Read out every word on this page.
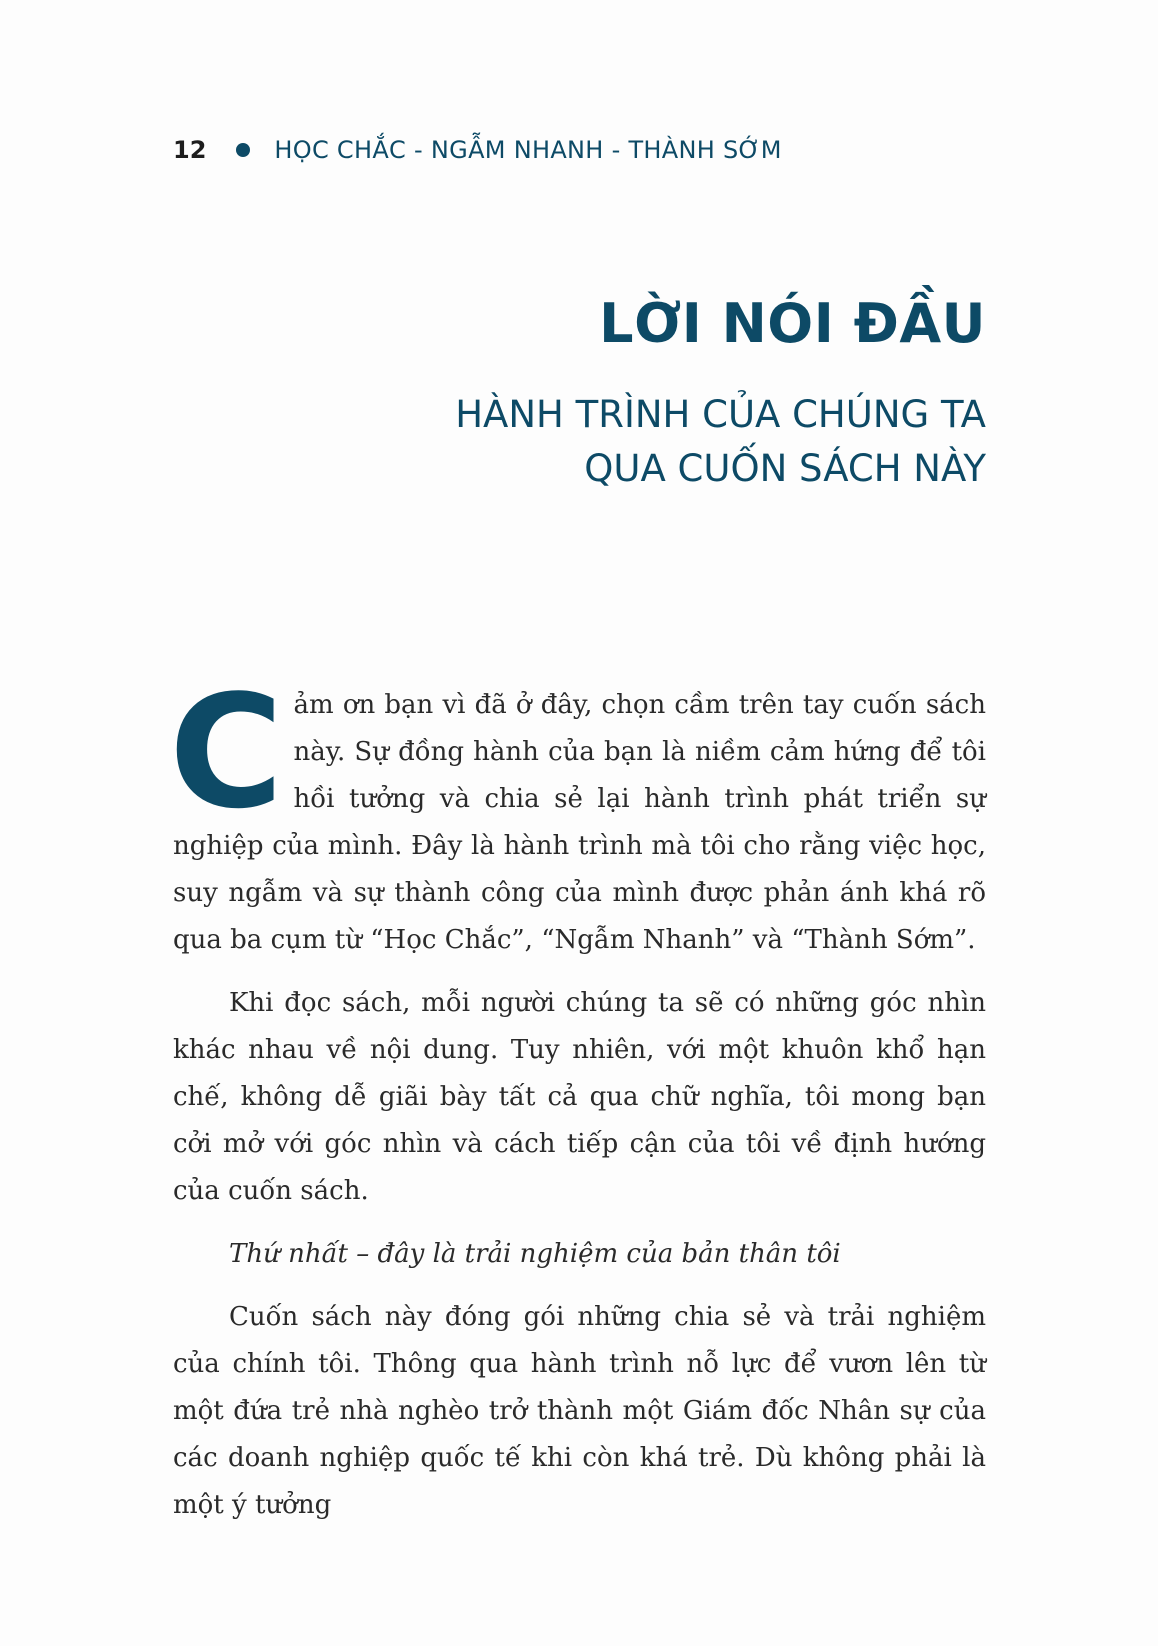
12	HỌC CHẮC - NGẪM NHANH - THÀNH SỚM
LỜI NÓI ĐẦU
HÀNH TRÌNH CỦA CHÚNG TA
QUA CUỐN SÁCH NÀY

Cảm ơn bạn vì đã ở đây, chọn cầm trên tay cuốn sách này. Sự đồng hành của bạn là niềm cảm hứng để tôi hồi tưởng và chia sẻ lại hành trình phát triển sự nghiệp của mình. Đây là hành trình mà tôi cho rằng việc học, suy ngẫm và sự thành công của mình được phản ánh khá rõ qua ba cụm từ “Học Chắc”, “Ngẫm Nhanh” và “Thành Sớm”.

Khi đọc sách, mỗi người chúng ta sẽ có những góc nhìn khác nhau về nội dung. Tuy nhiên, với một khuôn khổ hạn chế, không dễ giãi bày tất cả qua chữ nghĩa, tôi mong bạn cởi mở với góc nhìn và cách tiếp cận của tôi về định hướng của cuốn sách.

Thứ nhất – đây là trải nghiệm của bản thân tôi

Cuốn sách này đóng gói những chia sẻ và trải nghiệm của chính tôi. Thông qua hành trình nỗ lực để vươn lên từ một đứa trẻ nhà nghèo trở thành một Giám đốc Nhân sự của các doanh nghiệp quốc tế khi còn khá trẻ. Dù không phải là một ý tưởng
